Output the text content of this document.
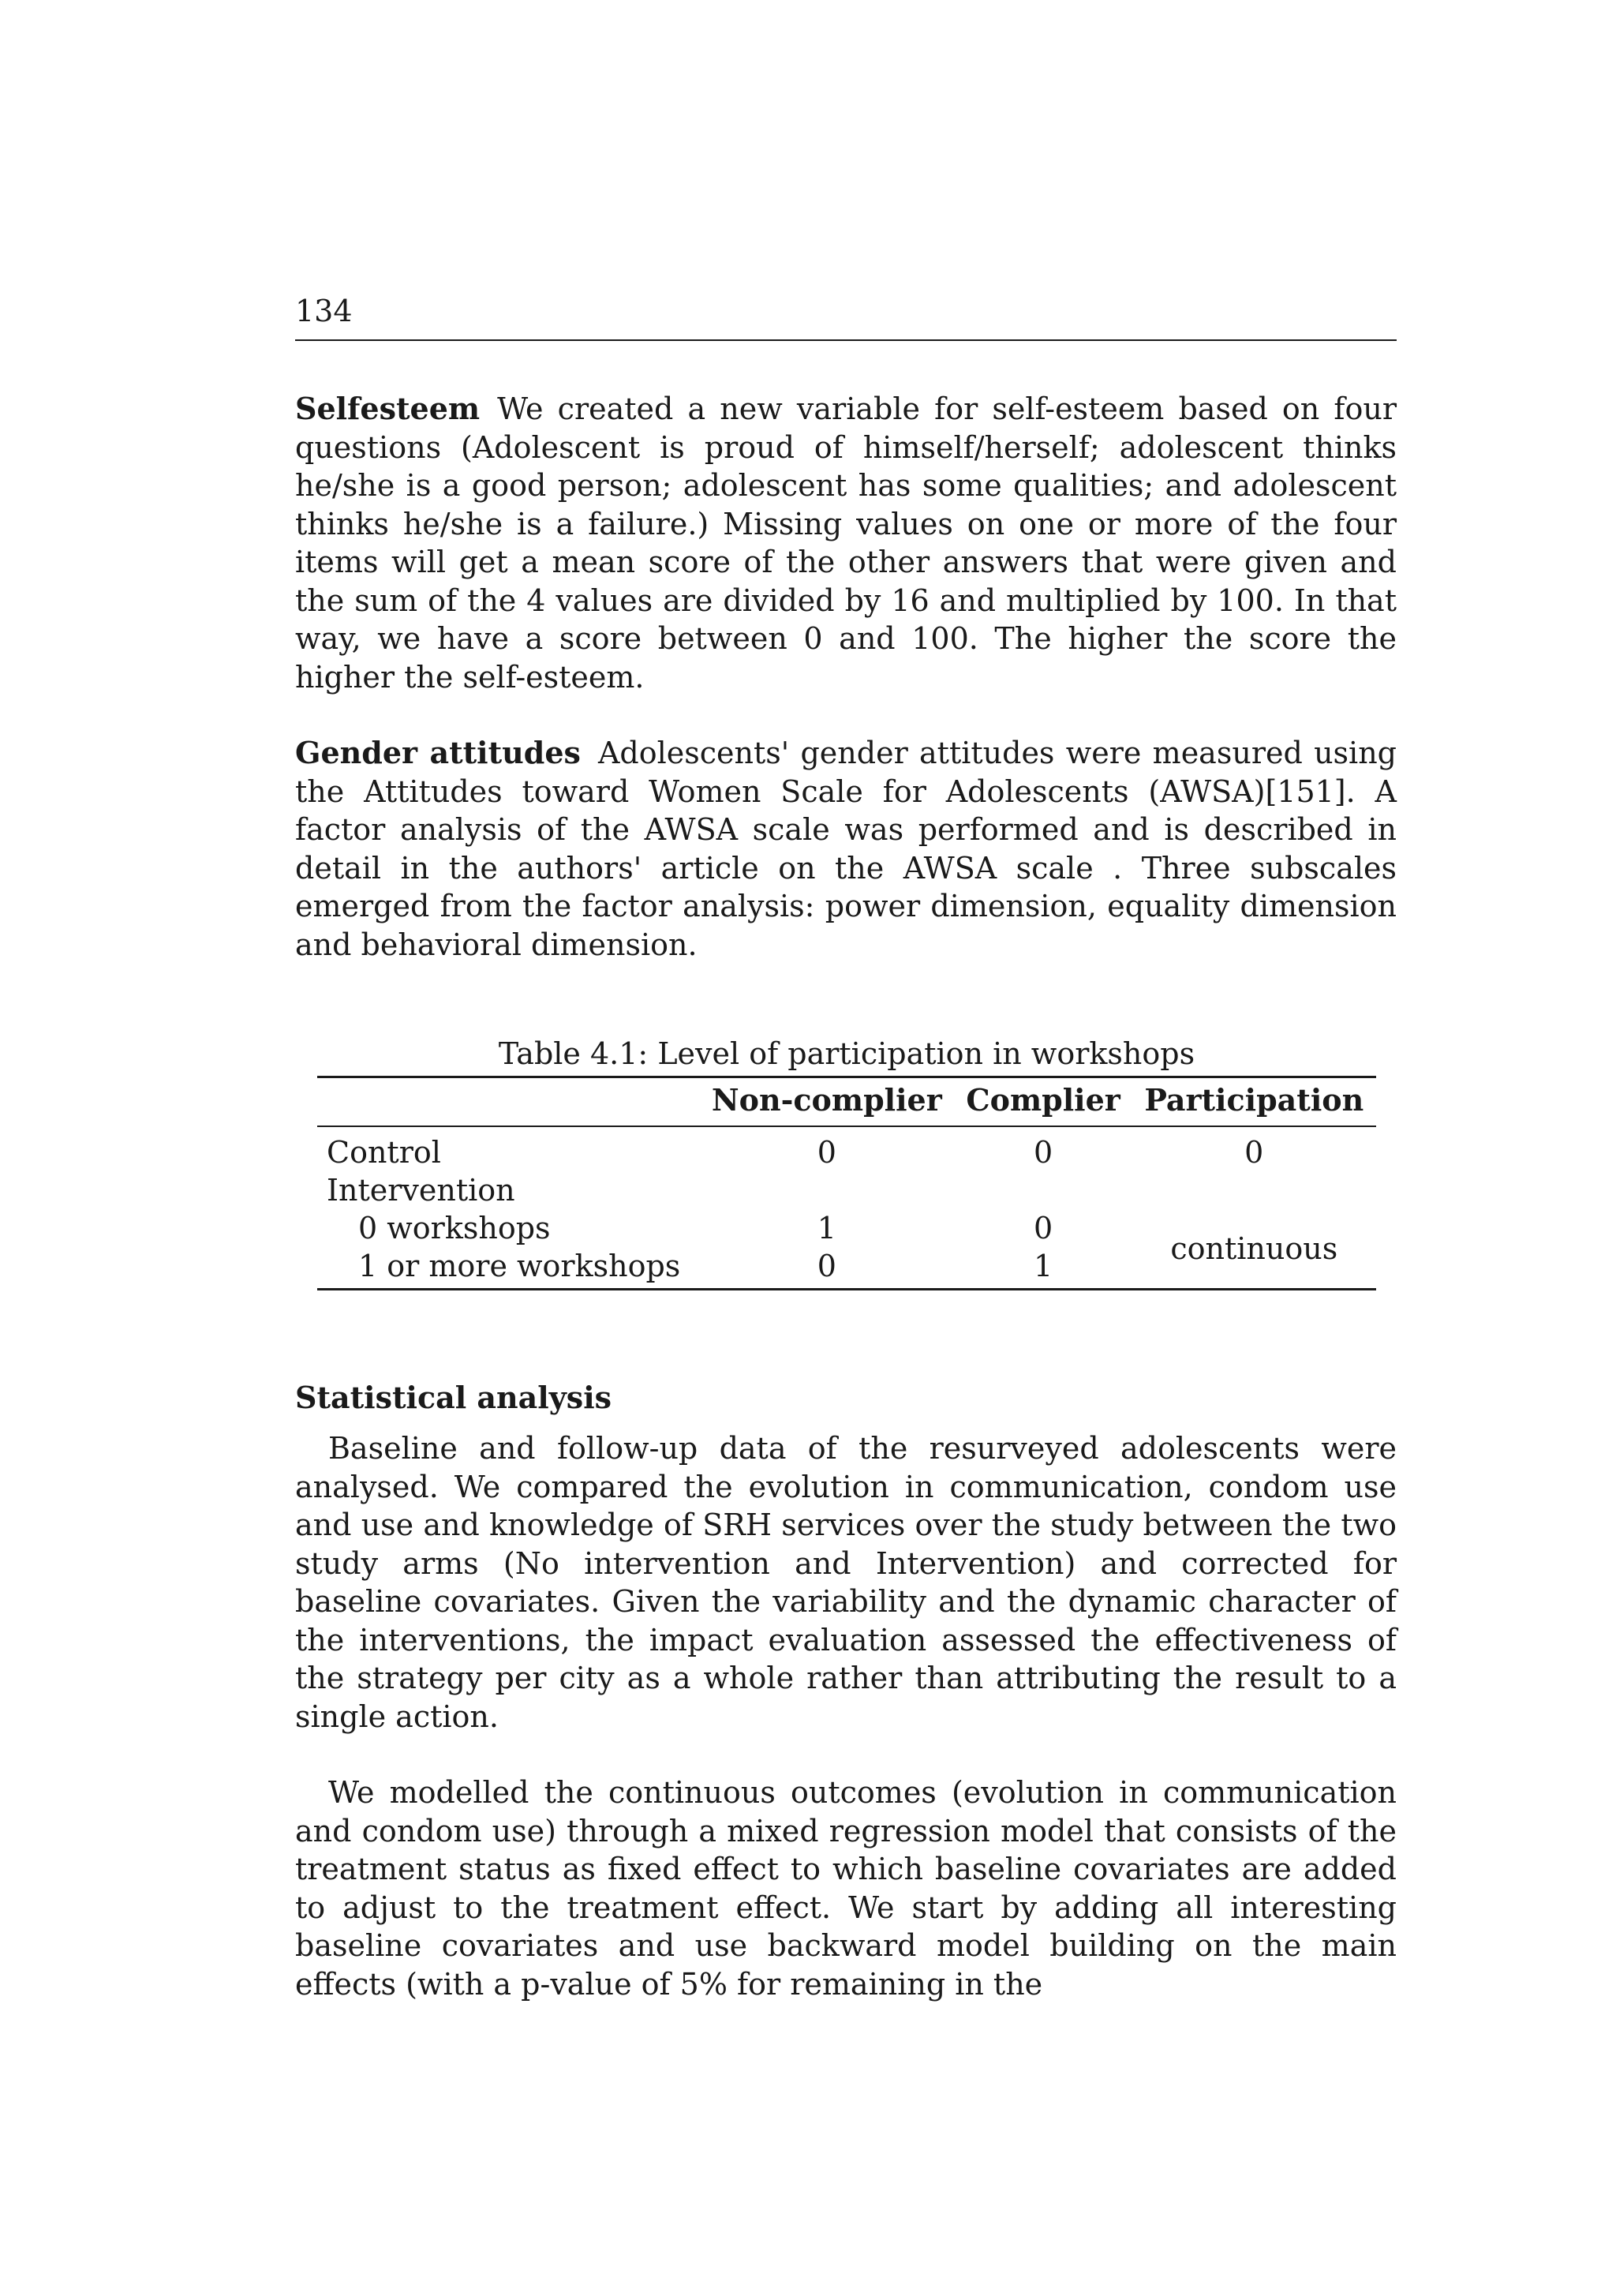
134

Selfesteem We created a new variable for self-esteem based on four questions (Adolescent is proud of himself/herself; adolescent thinks he/she is a good person; adolescent has some qualities; and adolescent thinks he/she is a failure.) Missing values on one or more of the four items will get a mean score of the other answers that were given and the sum of the 4 values are divided by 16 and multiplied by 100. In that way, we have a score between 0 and 100. The higher the score the higher the self-esteem.

Gender attitudes Adolescents' gender attitudes were measured using the Attitudes toward Women Scale for Adolescents (AWSA)[151]. A factor analysis of the AWSA scale was performed and is described in detail in the authors' article on the AWSA scale . Three subscales emerged from the factor analysis: power dimension, equality dimension and behavioral dimension.

Table 4.1: Level of participation in workshops
	Non-complier	Complier	Participation
Control	0	0	0
Intervention			
0 workshops	1	0	continuous
1 or more workshops	0	1	
Statistical analysis

Baseline and follow-up data of the resurveyed adolescents were analysed. We compared the evolution in communication, condom use and use and knowledge of SRH services over the study between the two study arms (No intervention and Intervention) and corrected for baseline covariates. Given the variability and the dynamic character of the interventions, the impact evaluation assessed the effectiveness of the strategy per city as a whole rather than attributing the result to a single action.

We modelled the continuous outcomes (evolution in communication and condom use) through a mixed regression model that consists of the treatment status as fixed effect to which baseline covariates are added to adjust to the treatment effect. We start by adding all interesting baseline covariates and use backward model building on the main effects (with a p-value of 5% for remaining in the
